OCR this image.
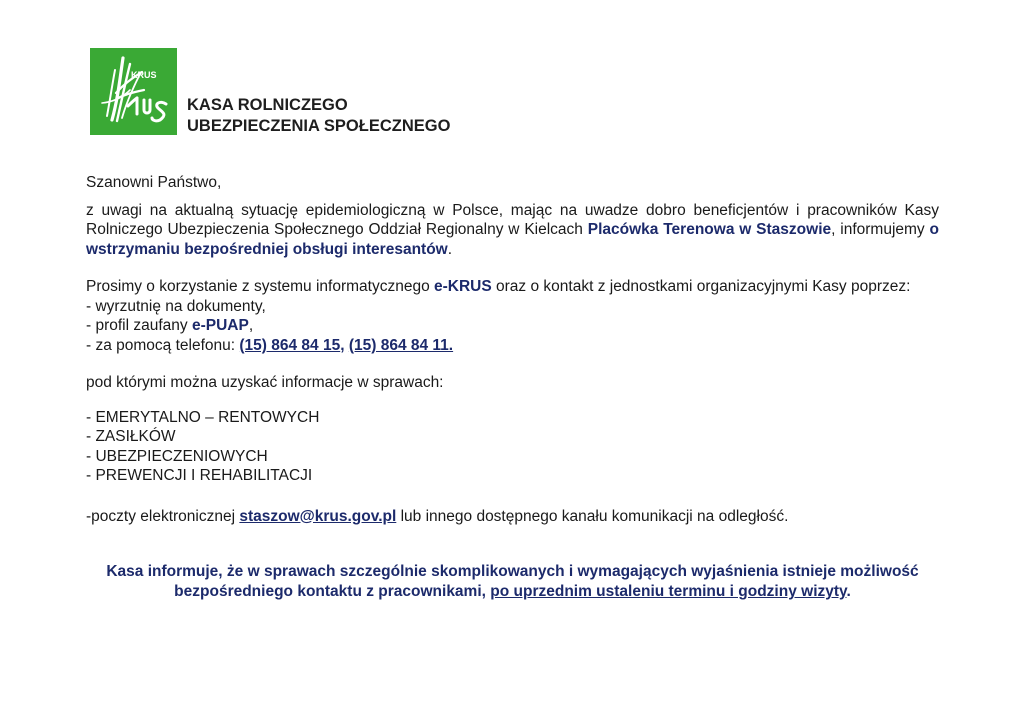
KRUS
KASA ROLNICZEGO
UBEZPIECZENIA SPOŁECZNEGO

Szanowni Państwo,

z uwagi na aktualną sytuację epidemiologiczną w Polsce, mając na uwadze dobro beneficjentów i pracowników Kasy Rolniczego Ubezpieczenia Społecznego Oddział Regionalny w Kielcach Placówka Terenowa w Staszowie, informujemy o wstrzymaniu bezpośredniej obsługi interesantów.

Prosimy o korzystanie z systemu informatycznego e-KRUS oraz o kontakt z jednostkami organizacyjnymi Kasy poprzez:

- wyrzutnię na dokumenty,

- profil zaufany e-PUAP,

- za pomocą telefonu: (15) 864 84 15, (15) 864 84 11.

pod którymi można uzyskać informacje w sprawach:

- EMERYTALNO – RENTOWYCH

- ZASIŁKÓW

- UBEZPIECZENIOWYCH

- PREWENCJI I REHABILITACJI

-poczty elektronicznej staszow@krus.gov.pl lub innego dostępnego kanału komunikacji na odległość.

Kasa informuje, że w sprawach szczególnie skomplikowanych i wymagających wyjaśnienia istnieje możliwość bezpośredniego kontaktu z pracownikami, po uprzednim ustaleniu terminu i godziny wizyty.
